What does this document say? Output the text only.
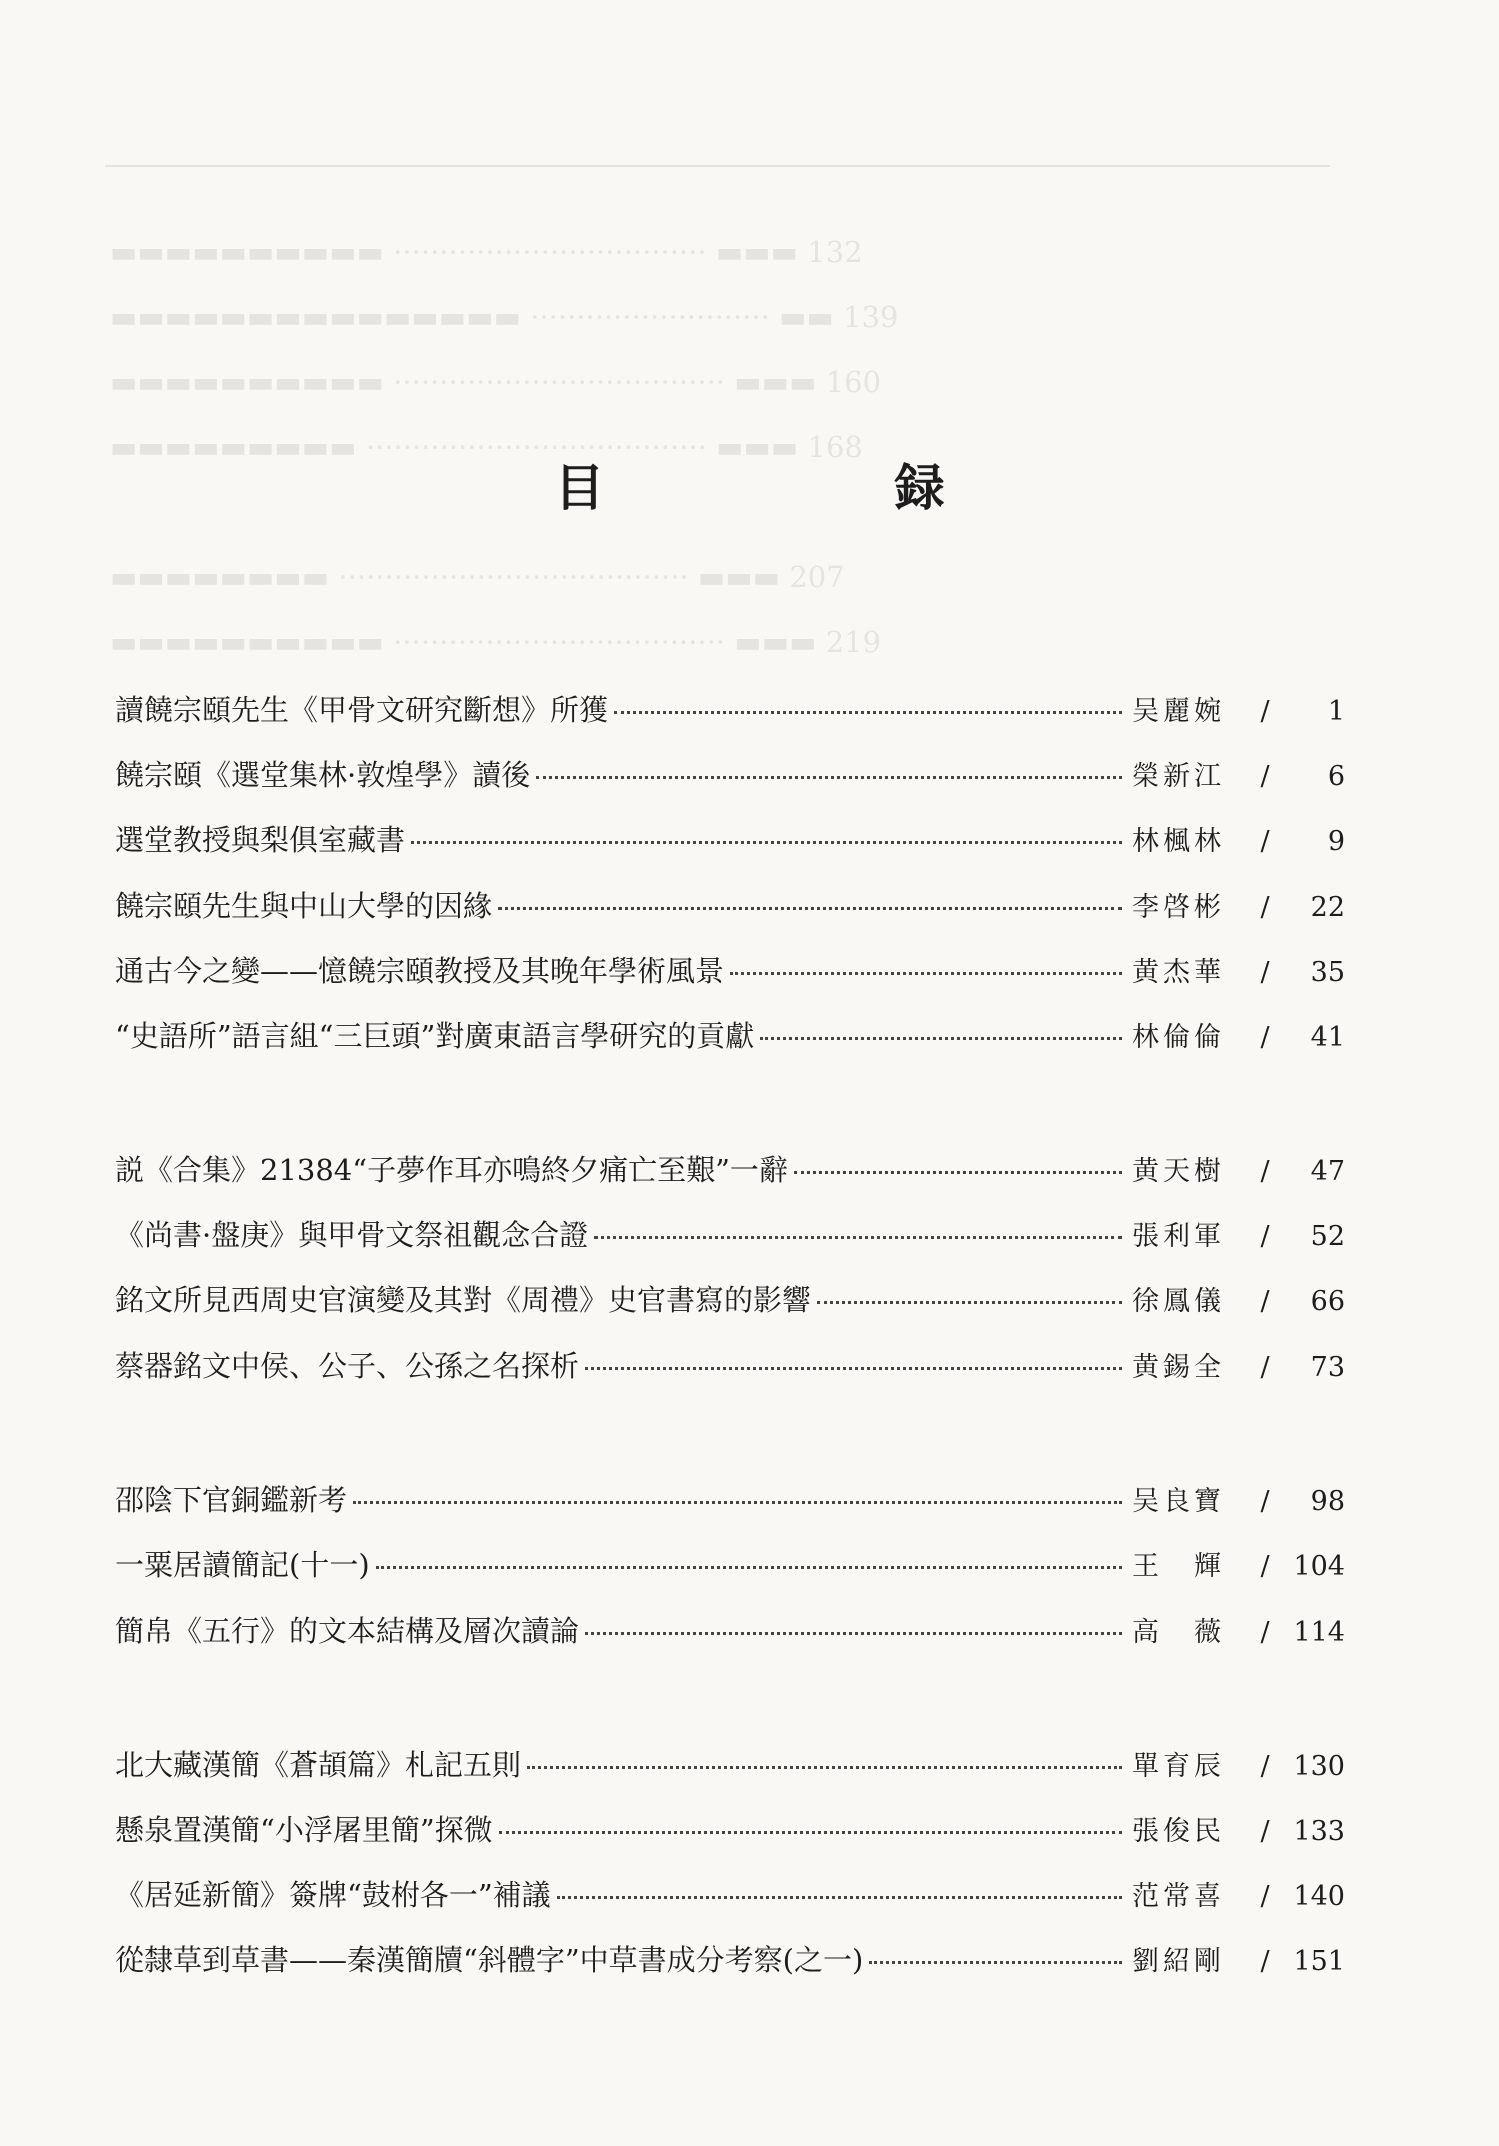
▬▬▬▬▬▬▬▬▬▬ ·································· ▬▬▬ 132
▬▬▬▬▬▬▬▬▬▬▬▬▬▬▬ ·························· ▬▬ 139
▬▬▬▬▬▬▬▬▬▬ ···································· ▬▬▬ 160
▬▬▬▬▬▬▬▬▬ ····································· ▬▬▬ 168
▬▬▬▬▬▬▬▬ ······································ ▬▬▬ 207
▬▬▬▬▬▬▬▬▬▬ ···································· ▬▬▬ 219
目　録
讀饒宗頤先生《甲骨文研究斷想》所獲	吴麗婉	/	1
饒宗頤《選堂集林·敦煌學》讀後	榮新江	/	6
選堂教授與梨俱室藏書	林楓林	/	9
饒宗頤先生與中山大學的因緣	李啓彬	/	22
通古今之變——憶饒宗頤教授及其晚年學術風景	黄杰華	/	35
“史語所”語言組“三巨頭”對廣東語言學研究的貢獻	林倫倫	/	41
説《合集》21384“子夢作耳亦鳴終夕痛亡至艱”一辭	黄天樹	/	47
《尚書·盤庚》與甲骨文祭祖觀念合證	張利軍	/	52
銘文所見西周史官演變及其對《周禮》史官書寫的影響	徐鳳儀	/	66
蔡器銘文中侯、公子、公孫之名探析	黄錫全	/	73
邵陰下官銅鑑新考	吴良寶	/	98
一粟居讀簡記(十一)	王　輝	/ 104
簡帛《五行》的文本結構及層次讀論	高　薇	/ 114
北大藏漢簡《蒼頡篇》札記五則	單育辰	/ 130
懸泉置漢簡“小浮屠里簡”探微	張俊民	/ 133
《居延新簡》簽牌“鼓柎各一”補議	范常喜	/ 140
從隸草到草書——秦漢簡牘“斜體字”中草書成分考察(之一)	劉紹剛	/ 151
